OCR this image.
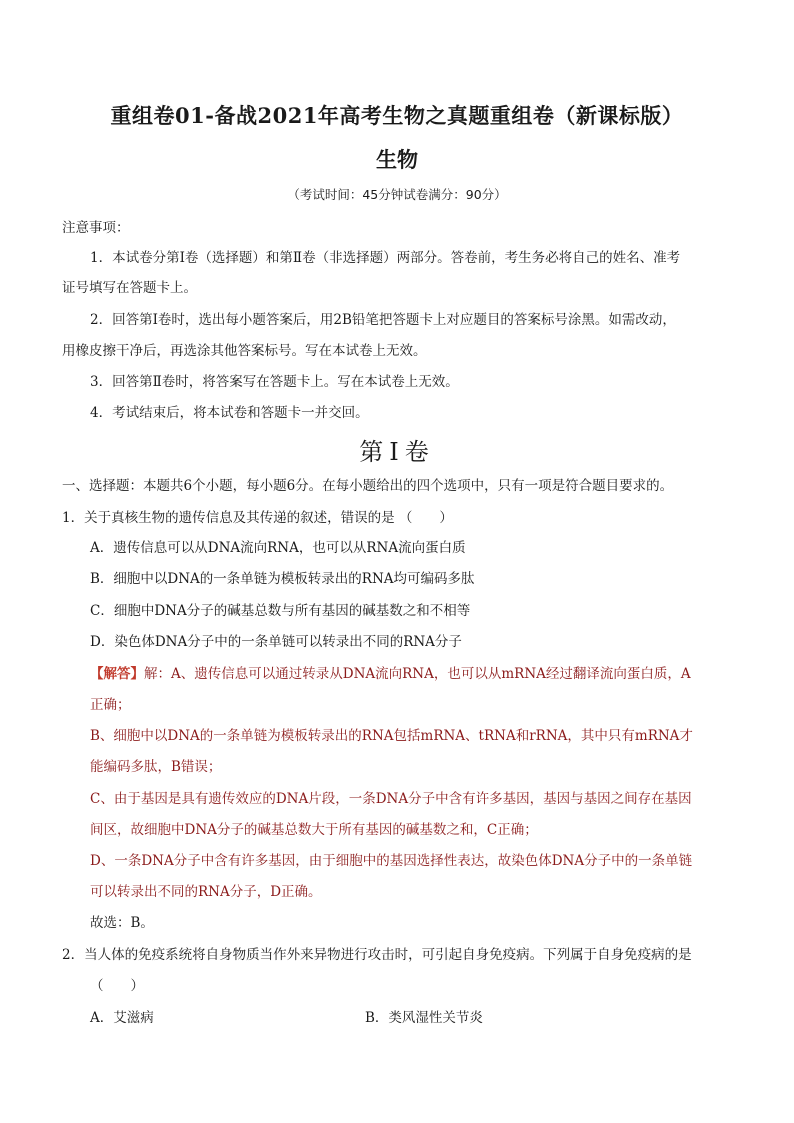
重组卷01-备战2021年高考生物之真题重组卷（新课标版）
生物
（考试时间：45分钟试卷满分：90分）
注意事项：
1．本试卷分第Ⅰ卷（选择题）和第Ⅱ卷（非选择题）两部分。答卷前，考生务必将自己的姓名、准考
证号填写在答题卡上。
2．回答第Ⅰ卷时，选出每小题答案后，用2B铅笔把答题卡上对应题目的答案标号涂黑。如需改动，
用橡皮擦干净后，再选涂其他答案标号。写在本试卷上无效。
3．回答第Ⅱ卷时，将答案写在答题卡上。写在本试卷上无效。
4．考试结束后，将本试卷和答题卡一并交回。
第Ⅰ卷
一、选择题：本题共6个小题，每小题6分。在每小题给出的四个选项中，只有一项是符合题目要求的。
1．关于真核生物的遗传信息及其传递的叙述，错误的是 （　　）
A．遗传信息可以从DNA流向RNA，也可以从RNA流向蛋白质
B．细胞中以DNA的一条单链为模板转录出的RNA均可编码多肽
C．细胞中DNA分子的碱基总数与所有基因的碱基数之和不相等
D．染色体DNA分子中的一条单链可以转录出不同的RNA分子
【解答】解：A、遗传信息可以通过转录从DNA流向RNA，也可以从mRNA经过翻译流向蛋白质，A
正确；
B、细胞中以DNA的一条单链为模板转录出的RNA包括mRNA、tRNA和rRNA，其中只有mRNA才
能编码多肽，B错误；
C、由于基因是具有遗传效应的DNA片段，一条DNA分子中含有许多基因，基因与基因之间存在基因
间区，故细胞中DNA分子的碱基总数大于所有基因的碱基数之和，C正确；
D、一条DNA分子中含有许多基因，由于细胞中的基因选择性表达，故染色体DNA分子中的一条单链
可以转录出不同的RNA分子，D正确。
故选：B。
2．当人体的免疫系统将自身物质当作外来异物进行攻击时，可引起自身免疫病。下列属于自身免疫病的是
（　　）
A．艾滋病	B．类风湿性关节炎
